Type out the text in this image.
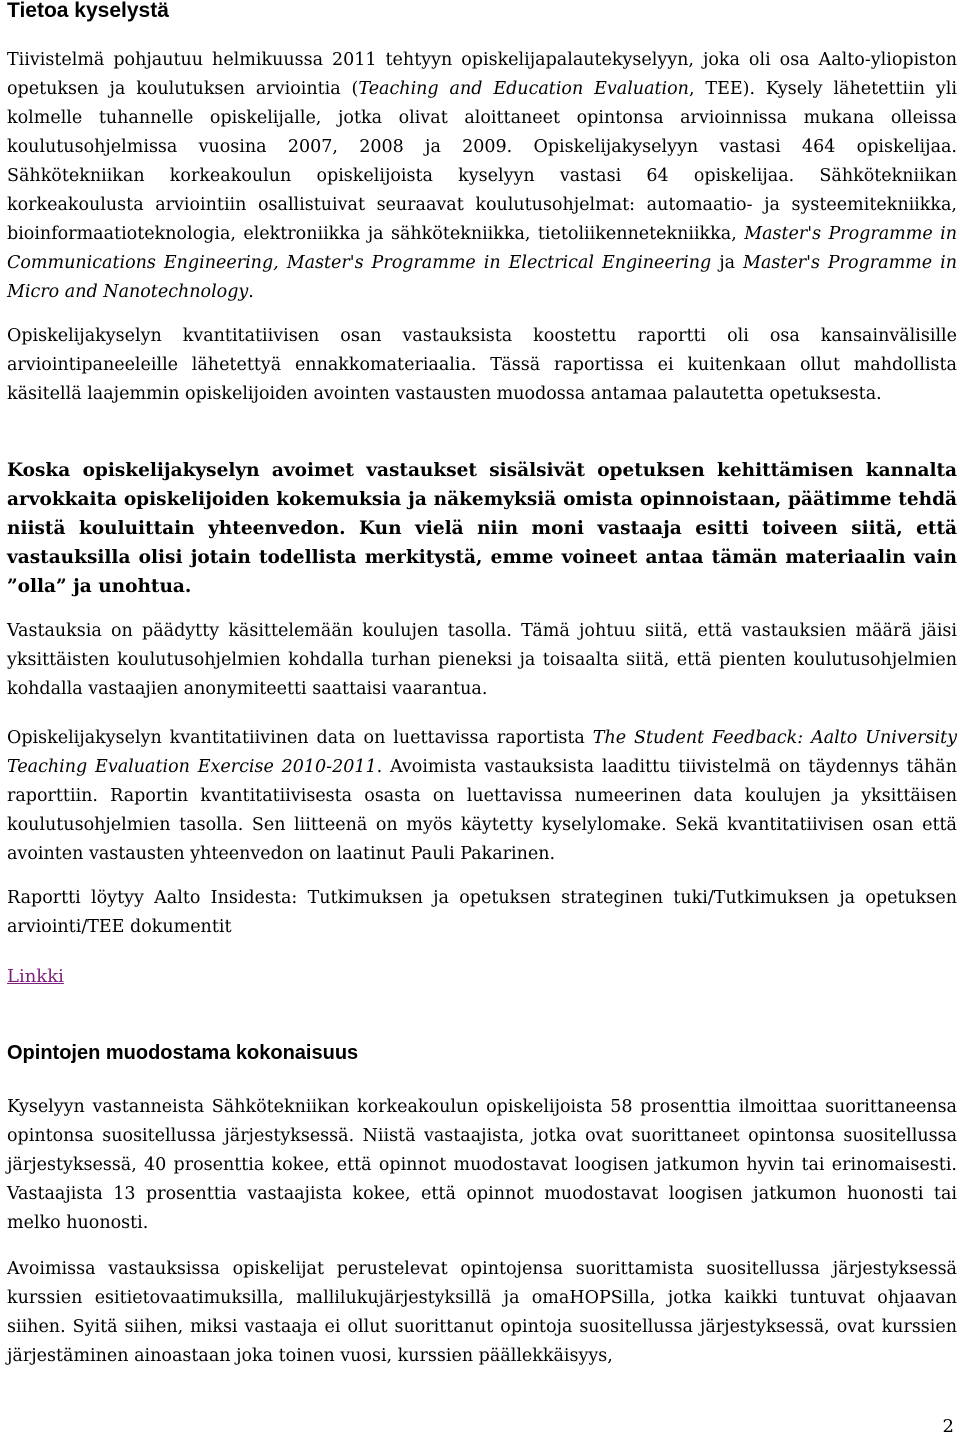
Tietoa kyselystä

Tiivistelmä pohjautuu helmikuussa 2011 tehtyyn opiskelijapalautekyselyyn, joka oli osa Aalto-yliopiston opetuksen ja koulutuksen arviointia (Teaching and Education Evaluation, TEE). Kysely lähetettiin yli kolmelle tuhannelle opiskelijalle, jotka olivat aloittaneet opintonsa arvioinnissa mukana olleissa koulutusohjelmissa vuosina 2007, 2008 ja 2009. Opiskelijakyselyyn vastasi 464 opiskelijaa. Sähkötekniikan korkeakoulun opiskelijoista kyselyyn vastasi 64 opiskelijaa. Sähkötekniikan korkeakoulusta arviointiin osallistuivat seuraavat koulutusohjelmat: automaatio- ja systeemitekniikka, bioinformaatioteknologia, elektroniikka ja sähkötekniikka, tietoliikennetekniikka, Master's Programme in Communications Engineering, Master's Programme in Electrical Engineering ja Master's Programme in Micro and Nanotechnology.

Opiskelijakyselyn kvantitatiivisen osan vastauksista koostettu raportti oli osa kansainvälisille arviointipaneeleille lähetettyä ennakkomateriaalia. Tässä raportissa ei kuitenkaan ollut mahdollista käsitellä laajemmin opiskelijoiden avointen vastausten muodossa antamaa palautetta opetuksesta.

Koska opiskelijakyselyn avoimet vastaukset sisälsivät opetuksen kehittämisen kannalta arvokkaita opiskelijoiden kokemuksia ja näkemyksiä omista opinnoistaan, päätimme tehdä niistä kouluittain yhteenvedon. Kun vielä niin moni vastaaja esitti toiveen siitä, että vastauksilla olisi jotain todellista merkitystä, emme voineet antaa tämän materiaalin vain ”olla” ja unohtua.

Vastauksia on päädytty käsittelemään koulujen tasolla. Tämä johtuu siitä, että vastauksien määrä jäisi yksittäisten koulutusohjelmien kohdalla turhan pieneksi ja toisaalta siitä, että pienten koulutusohjelmien kohdalla vastaajien anonymiteetti saattaisi vaarantua.

Opiskelijakyselyn kvantitatiivinen data on luettavissa raportista The Student Feedback: Aalto University Teaching Evaluation Exercise 2010-2011. Avoimista vastauksista laadittu tiivistelmä on täydennys tähän raporttiin. Raportin kvantitatiivisesta osasta on luettavissa numeerinen data koulujen ja yksittäisen koulutusohjelmien tasolla. Sen liitteenä on myös käytetty kyselylomake. Sekä kvantitatiivisen osan että avointen vastausten yhteenvedon on laatinut Pauli Pakarinen.

Raportti löytyy Aalto Insidesta: Tutkimuksen ja opetuksen strateginen tuki/Tutkimuksen ja opetuksen arviointi/TEE dokumentit

Linkki
Opintojen muodostama kokonaisuus

Kyselyyn vastanneista Sähkötekniikan korkeakoulun opiskelijoista 58 prosenttia ilmoittaa suorittaneensa opintonsa suositellussa järjestyksessä. Niistä vastaajista, jotka ovat suorittaneet opintonsa suositellussa järjestyksessä, 40 prosenttia kokee, että opinnot muodostavat loogisen jatkumon hyvin tai erinomaisesti. Vastaajista 13 prosenttia vastaajista kokee, että opinnot muodostavat loogisen jatkumon huonosti tai melko huonosti.

Avoimissa vastauksissa opiskelijat perustelevat opintojensa suorittamista suositellussa järjestyksessä kurssien esitietovaatimuksilla, mallilukujärjestyksillä ja omaHOPSilla, jotka kaikki tuntuvat ohjaavan siihen. Syitä siihen, miksi vastaaja ei ollut suorittanut opintoja suositellussa järjestyksessä, ovat kurssien järjestäminen ainoastaan joka toinen vuosi, kurssien päällekkäisyys,

2
